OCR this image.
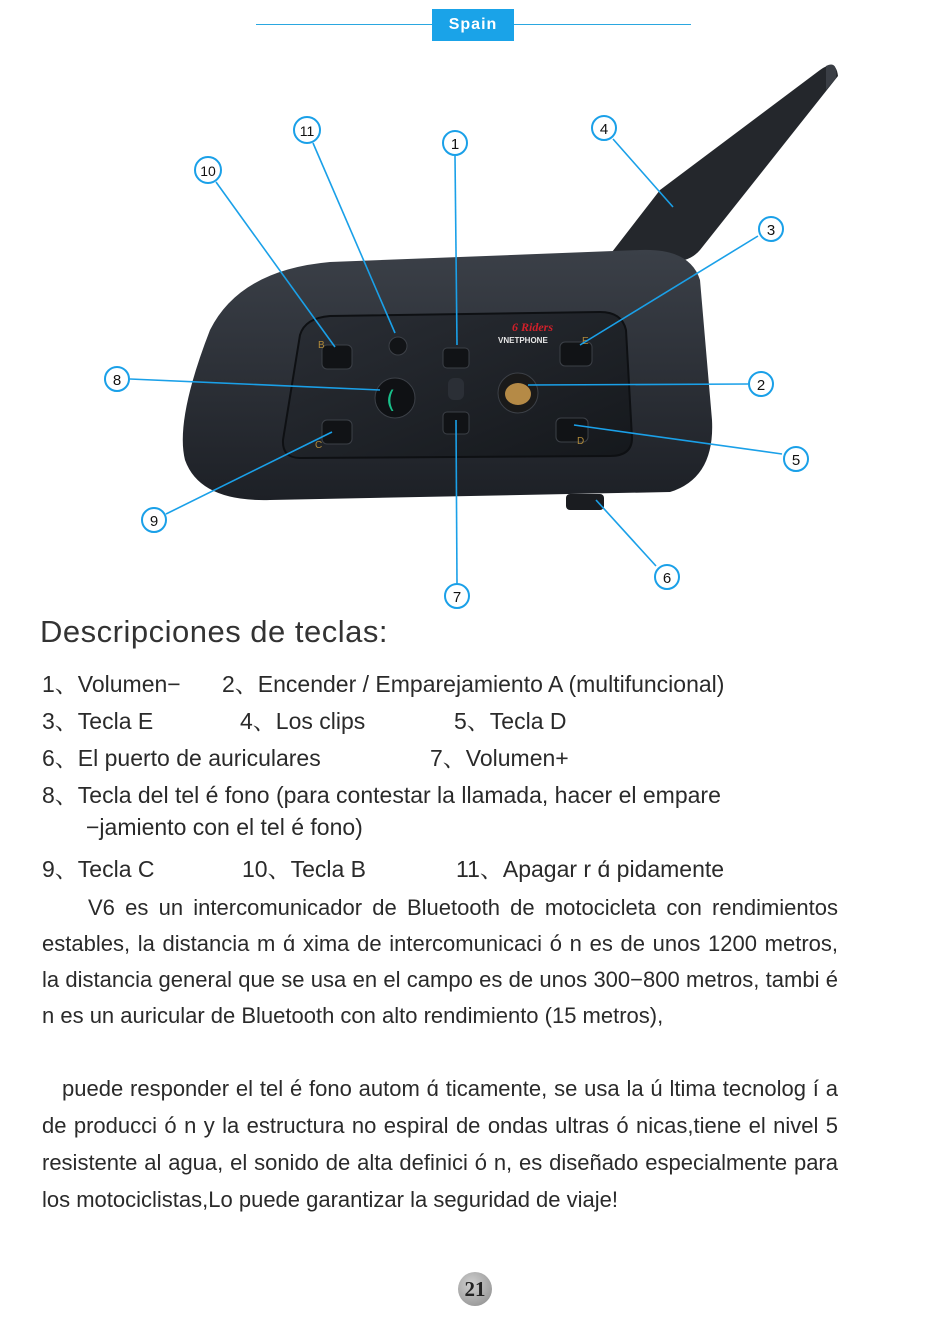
Spain
6 Riders
VNETPHONE
B	E
(
C	D
1
2
3
4
5
6
7
8
9
10
11
Descripciones de teclas:
1、Volumen− 2、Encender / Emparejamiento A (multifuncional)
3、Tecla E	4、Los clips	5、Tecla D
6、El puerto de auriculares	7、Volumen+
8、Tecla del tel é fono (para contestar la llamada, hacer el empare
−jamiento con el tel é fono)
9、Tecla C	10、Tecla B	11、Apagar r ɑ́ pidamente

V6 es un intercomunicador de Bluetooth de motocicleta con rendimientos estables, la distancia m ɑ́ xima de intercomunicaci ó n es de unos 1200 metros, la distancia general que se usa en el campo es de unos 300−800 metros, tambi é n es un auricular de Bluetooth con alto rendimiento (15 metros),

puede responder el tel é fono autom ɑ́ ticamente, se usa la ú ltima tecnolog í a de producci ó n y la estructura no espiral de ondas ultras ó nicas,tiene el nivel 5 resistente al agua, el sonido de alta definici ó n, es diseñado especialmente para los motociclistas,Lo puede garantizar la seguridad de viaje!

21
